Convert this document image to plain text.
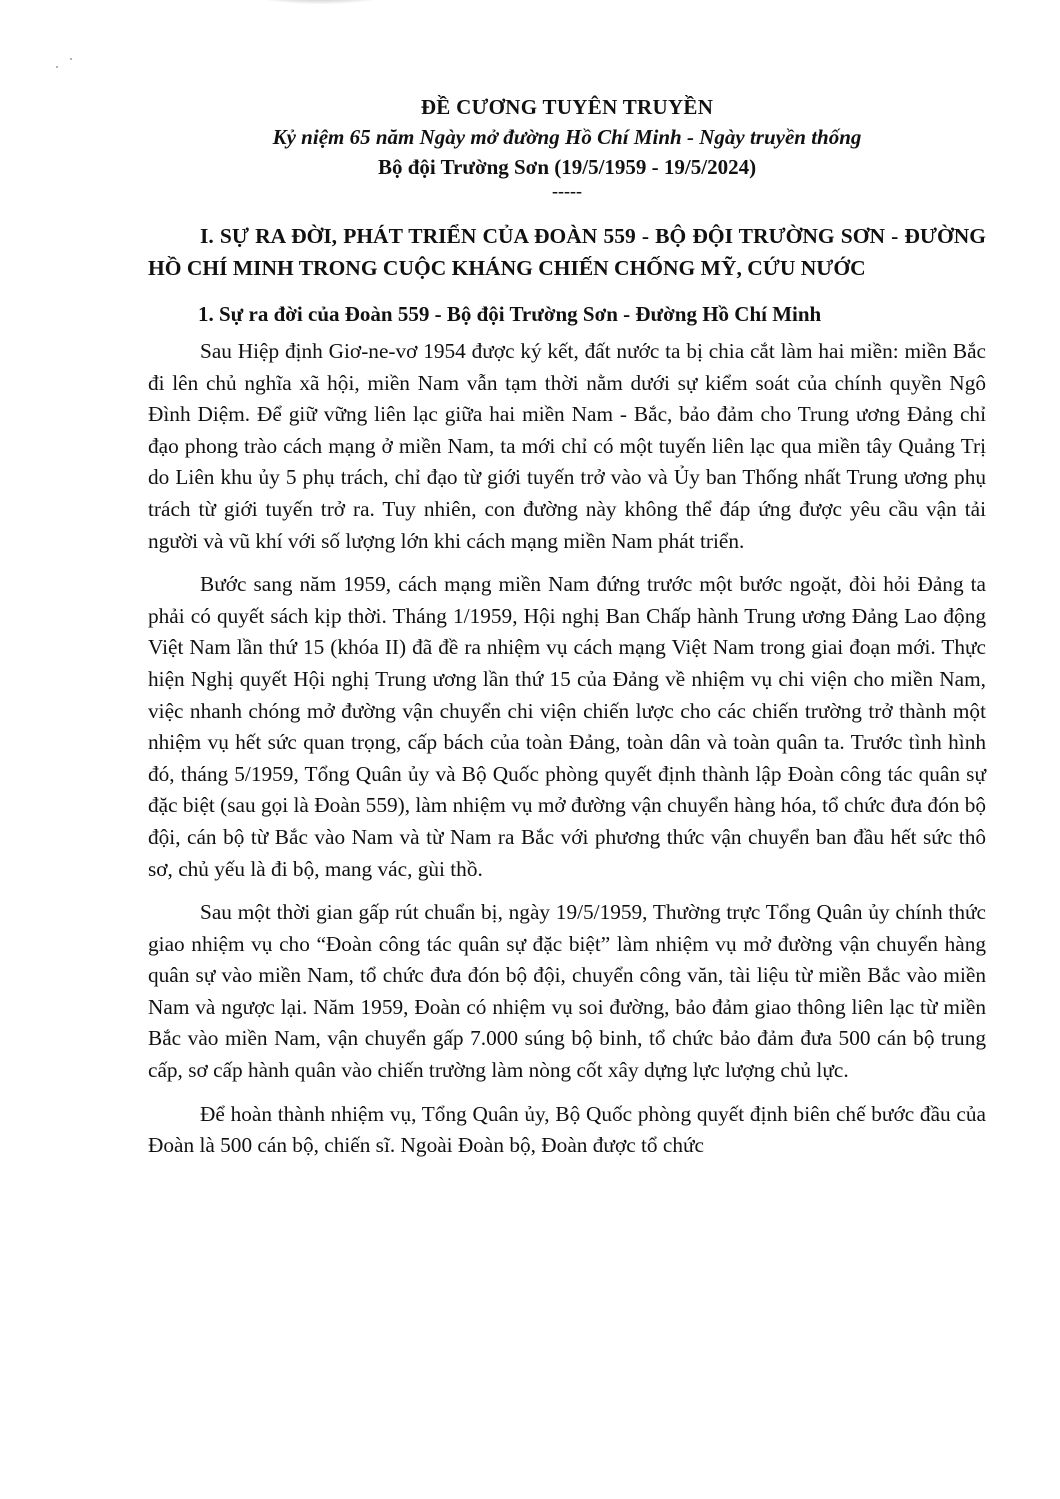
ĐỀ CƯƠNG TUYÊN TRUYỀN
Kỷ niệm 65 năm Ngày mở đường Hồ Chí Minh - Ngày truyền thống
Bộ đội Trường Sơn (19/5/1959 - 19/5/2024)
-----
I. SỰ RA ĐỜI, PHÁT TRIỂN CỦA ĐOÀN 559 - BỘ ĐỘI TRƯỜNG SƠN - ĐƯỜNG HỒ CHÍ MINH TRONG CUỘC KHÁNG CHIẾN CHỐNG MỸ, CỨU NƯỚC
1. Sự ra đời của Đoàn 559 - Bộ đội Trường Sơn - Đường Hồ Chí Minh

Sau Hiệp định Giơ-ne-vơ 1954 được ký kết, đất nước ta bị chia cắt làm hai miền: miền Bắc đi lên chủ nghĩa xã hội, miền Nam vẫn tạm thời nằm dưới sự kiểm soát của chính quyền Ngô Đình Diệm. Để giữ vững liên lạc giữa hai miền Nam - Bắc, bảo đảm cho Trung ương Đảng chỉ đạo phong trào cách mạng ở miền Nam, ta mới chỉ có một tuyến liên lạc qua miền tây Quảng Trị do Liên khu ủy 5 phụ trách, chỉ đạo từ giới tuyến trở vào và Ủy ban Thống nhất Trung ương phụ trách từ giới tuyến trở ra. Tuy nhiên, con đường này không thể đáp ứng được yêu cầu vận tải người và vũ khí với số lượng lớn khi cách mạng miền Nam phát triển.

Bước sang năm 1959, cách mạng miền Nam đứng trước một bước ngoặt, đòi hỏi Đảng ta phải có quyết sách kịp thời. Tháng 1/1959, Hội nghị Ban Chấp hành Trung ương Đảng Lao động Việt Nam lần thứ 15 (khóa II) đã đề ra nhiệm vụ cách mạng Việt Nam trong giai đoạn mới. Thực hiện Nghị quyết Hội nghị Trung ương lần thứ 15 của Đảng về nhiệm vụ chi viện cho miền Nam, việc nhanh chóng mở đường vận chuyển chi viện chiến lược cho các chiến trường trở thành một nhiệm vụ hết sức quan trọng, cấp bách của toàn Đảng, toàn dân và toàn quân ta. Trước tình hình đó, tháng 5/1959, Tổng Quân ủy và Bộ Quốc phòng quyết định thành lập Đoàn công tác quân sự đặc biệt (sau gọi là Đoàn 559), làm nhiệm vụ mở đường vận chuyển hàng hóa, tổ chức đưa đón bộ đội, cán bộ từ Bắc vào Nam và từ Nam ra Bắc với phương thức vận chuyển ban đầu hết sức thô sơ, chủ yếu là đi bộ, mang vác, gùi thồ.

Sau một thời gian gấp rút chuẩn bị, ngày 19/5/1959, Thường trực Tổng Quân ủy chính thức giao nhiệm vụ cho “Đoàn công tác quân sự đặc biệt” làm nhiệm vụ mở đường vận chuyển hàng quân sự vào miền Nam, tổ chức đưa đón bộ đội, chuyển công văn, tài liệu từ miền Bắc vào miền Nam và ngược lại. Năm 1959, Đoàn có nhiệm vụ soi đường, bảo đảm giao thông liên lạc từ miền Bắc vào miền Nam, vận chuyển gấp 7.000 súng bộ binh, tổ chức bảo đảm đưa 500 cán bộ trung cấp, sơ cấp hành quân vào chiến trường làm nòng cốt xây dựng lực lượng chủ lực.

Để hoàn thành nhiệm vụ, Tổng Quân ủy, Bộ Quốc phòng quyết định biên chế bước đầu của Đoàn là 500 cán bộ, chiến sĩ. Ngoài Đoàn bộ, Đoàn được tổ chức
